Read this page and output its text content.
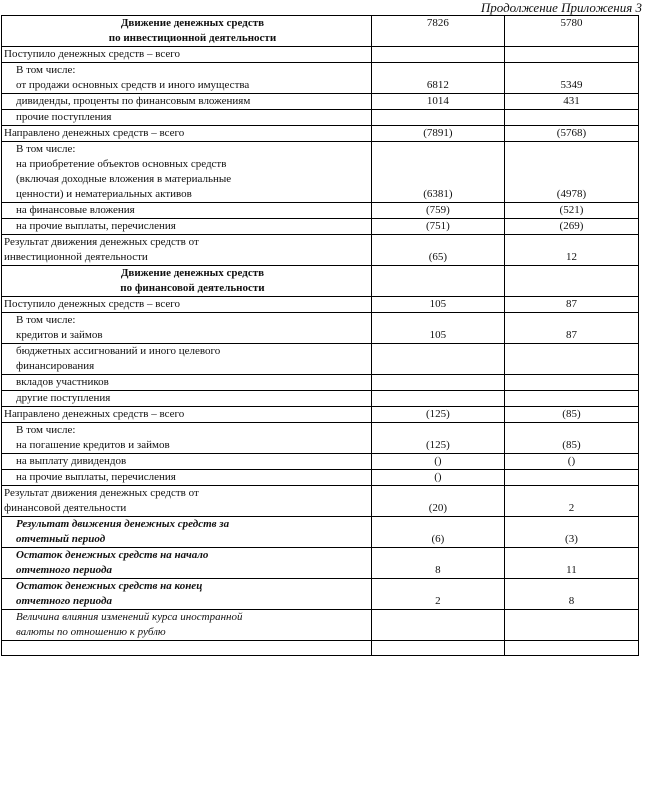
Продолжение Приложения 3
Движение денежных средств
по инвестиционной деятельности	7826	5780
Поступило денежных средств – всего		
В том числе:
от продажи основных средств и иного имущества	6812	5349
дивиденды, проценты по финансовым вложениям	1014	431
прочие поступления		
Направлено денежных средств – всего	(7891)	(5768)
В том числе:
на приобретение объектов основных средств
(включая доходные вложения в материальные
ценности) и нематериальных активов	(6381)	(4978)
на финансовые вложения	(759)	(521)
на прочие выплаты, перечисления	(751)	(269)
Результат движения денежных средств от
инвестиционной деятельности	(65)	12
Движение денежных средств
по финансовой деятельности

Поступило денежных средств – всего	105	87
В том числе:
кредитов и займов	105	87
бюджетных ассигнований и иного целевого
финансирования		
вкладов участников		
другие поступления		
Направлено денежных средств – всего	(125)	(85)
В том числе:
на погашение кредитов и займов	(125)	(85)
на выплату дивидендов	()	()
на прочие выплаты, перечисления	()	
Результат движения денежных средств от
финансовой деятельности	(20)	2
Результат движения денежных средств за
отчетный период	(6)	(3)
Остаток денежных средств на начало
отчетного периода	8	11
Остаток денежных средств на конец
отчетного периода	2	8
Величина влияния изменений курса иностранной
валюты по отношению к рублю		
